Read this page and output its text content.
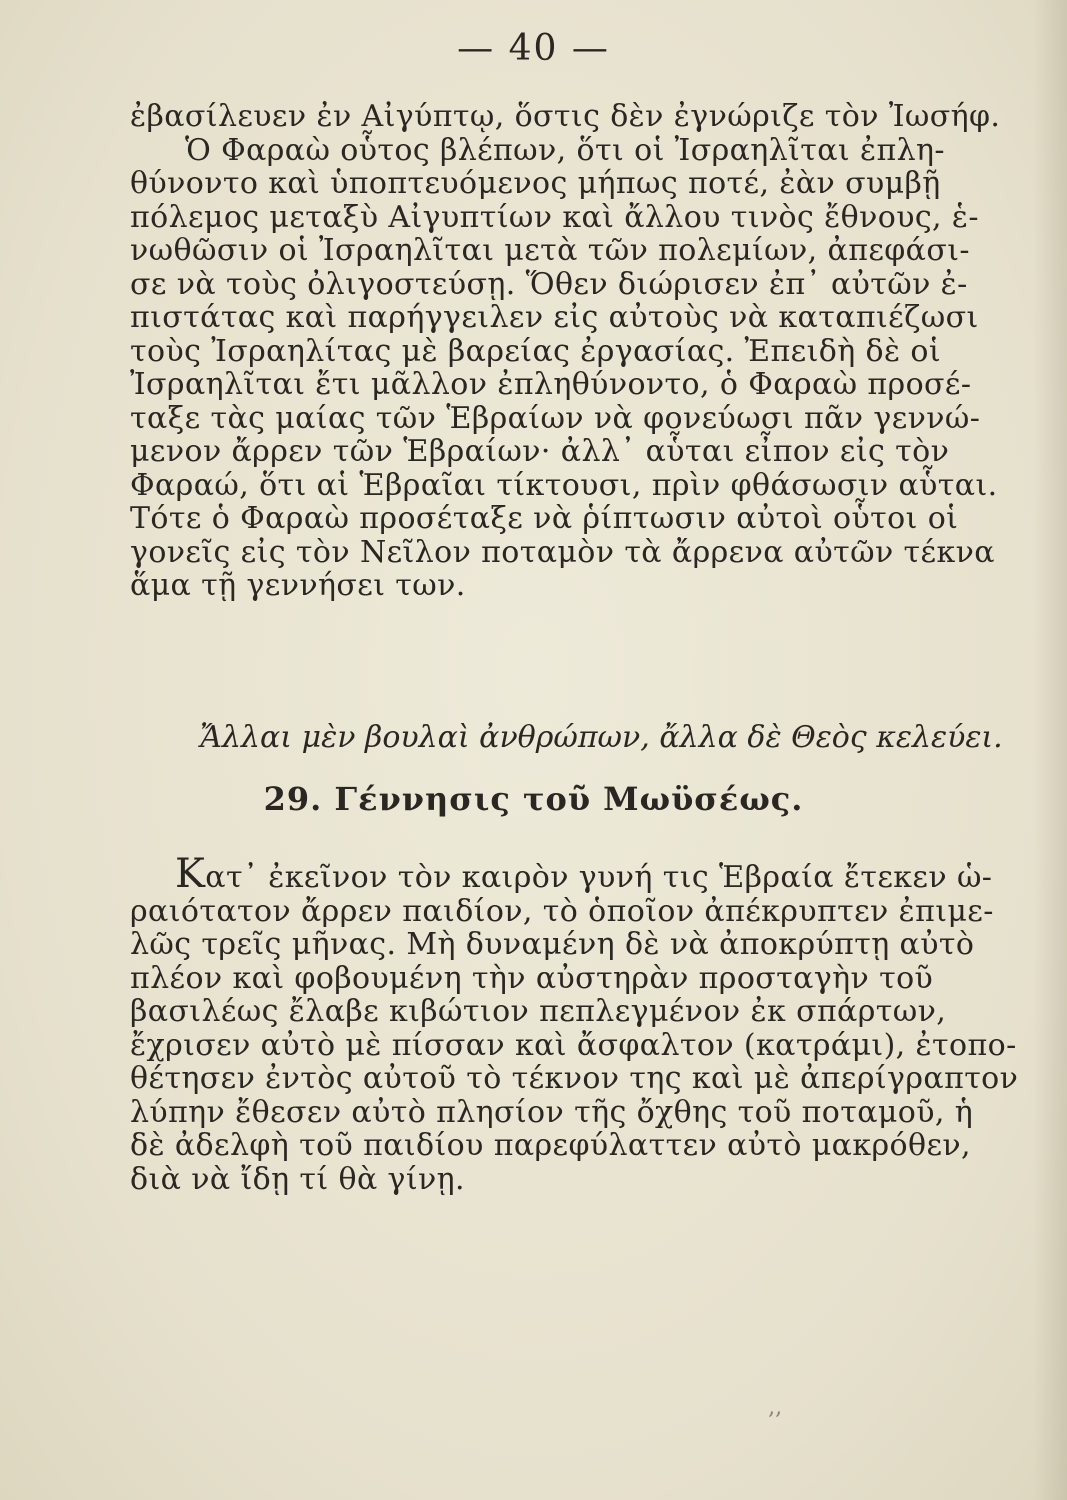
— 40 —
ἐβασίλευεν ἐν Αἰγύπτῳ, ὅστις δὲν ἐγνώριζε τὸν Ἰωσήφ.
Ὁ Φαραὼ οὗτος βλέπων, ὅτι οἱ Ἰσραηλῖται ἐπλη-
θύνοντο καὶ ὑποπτευόμενος μήπως ποτέ, ἐὰν συμβῇ
πόλεμος μεταξὺ Αἰγυπτίων καὶ ἄλλου τινὸς ἔθνους, ἑ-
νωθῶσιν οἱ Ἰσραηλῖται μετὰ τῶν πολεμίων, ἀπεφάσι-
σε νὰ τοὺς ὀλιγοστεύσῃ. Ὅθεν διώρισεν ἐπ᾽ αὐτῶν ἐ-
πιστάτας καὶ παρήγγειλεν εἰς αὐτοὺς νὰ καταπιέζωσι
τοὺς Ἰσραηλίτας μὲ βαρείας ἐργασίας. Ἐπειδὴ δὲ οἱ
Ἰσραηλῖται ἔτι μᾶλλον ἐπληθύνοντο, ὁ Φαραὼ προσέ-
ταξε τὰς μαίας τῶν Ἑβραίων νὰ φονεύωσι πᾶν γεννώ-
μενον ἄρρεν τῶν Ἑβραίων· ἀλλ᾽ αὗται εἶπον εἰς τὸν
Φαραώ, ὅτι αἱ Ἑβραῖαι τίκτουσι, πρὶν φθάσωσιν αὗται.
Τότε ὁ Φαραὼ προσέταξε νὰ ῥίπτωσιν αὐτοὶ οὗτοι οἱ
γονεῖς εἰς τὸν Νεῖλον ποταμὸν τὰ ἄρρενα αὐτῶν τέκνα
ἅμα τῇ γεννήσει των.
Ἄλλαι μὲν βουλαὶ ἀνθρώπων, ἄλλα δὲ Θεὸς κελεύει.
29. Γέννησις τοῦ Μωϋσέως.
Κατ᾽ ἐκεῖνον τὸν καιρὸν γυνή τις Ἑβραία ἔτεκεν ὡ-
ραιότατον ἄρρεν παιδίον, τὸ ὁποῖον ἀπέκρυπτεν ἐπιμε-
λῶς τρεῖς μῆνας. Μὴ δυναμένη δὲ νὰ ἀποκρύπτῃ αὐτὸ
πλέον καὶ φοβουμένη τὴν αὐστηρὰν προσταγὴν τοῦ
βασιλέως ἔλαβε κιβώτιον πεπλεγμένον ἐκ σπάρτων,
ἔχρισεν αὐτὸ μὲ πίσσαν καὶ ἄσφαλτον (κατράμι), ἐτοπο-
θέτησεν ἐντὸς αὐτοῦ τὸ τέκνον της καὶ μὲ ἀπερίγραπτον
λύπην ἔθεσεν αὐτὸ πλησίον τῆς ὄχθης τοῦ ποταμοῦ, ἡ
δὲ ἀδελφὴ τοῦ παιδίου παρεφύλαττεν αὐτὸ μακρόθεν,
διὰ νὰ ἴδῃ τί θὰ γίνῃ.
‚‚
